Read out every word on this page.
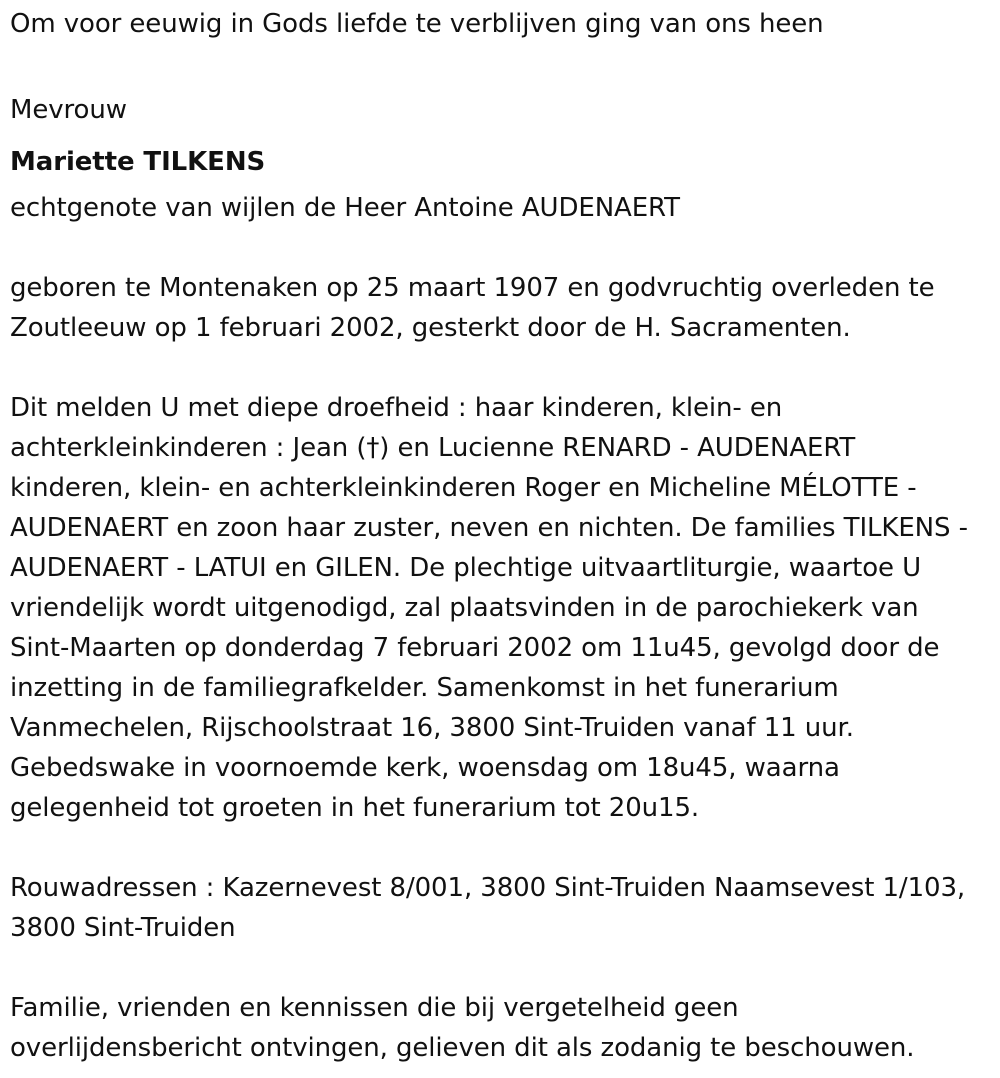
Om voor eeuwig in Gods liefde te verblijven ging van ons heen

Mevrouw

Mariette TILKENS

echtgenote van wijlen de Heer Antoine AUDENAERT

geboren te Montenaken op 25 maart 1907 en godvruchtig overleden te

Zoutleeuw op 1 februari 2002, gesterkt door de H. Sacramenten.

Dit melden U met diepe droefheid : haar kinderen, klein- en

achterkleinkinderen : Jean (†) en Lucienne RENARD - AUDENAERT

kinderen, klein- en achterkleinkinderen Roger en Micheline MÉLOTTE -

AUDENAERT en zoon haar zuster, neven en nichten. De families TILKENS -

AUDENAERT - LATUI en GILEN. De plechtige uitvaartliturgie, waartoe U

vriendelijk wordt uitgenodigd, zal plaatsvinden in de parochiekerk van

Sint-Maarten op donderdag 7 februari 2002 om 11u45, gevolgd door de

inzetting in de familiegrafkelder. Samenkomst in het funerarium

Vanmechelen, Rijschoolstraat 16, 3800 Sint-Truiden vanaf 11 uur.

Gebedswake in voornoemde kerk, woensdag om 18u45, waarna

gelegenheid tot groeten in het funerarium tot 20u15.

Rouwadressen : Kazernevest 8/001, 3800 Sint-Truiden Naamsevest 1/103,

3800 Sint-Truiden

Familie, vrienden en kennissen die bij vergetelheid geen

overlijdensbericht ontvingen, gelieven dit als zodanig te beschouwen.
